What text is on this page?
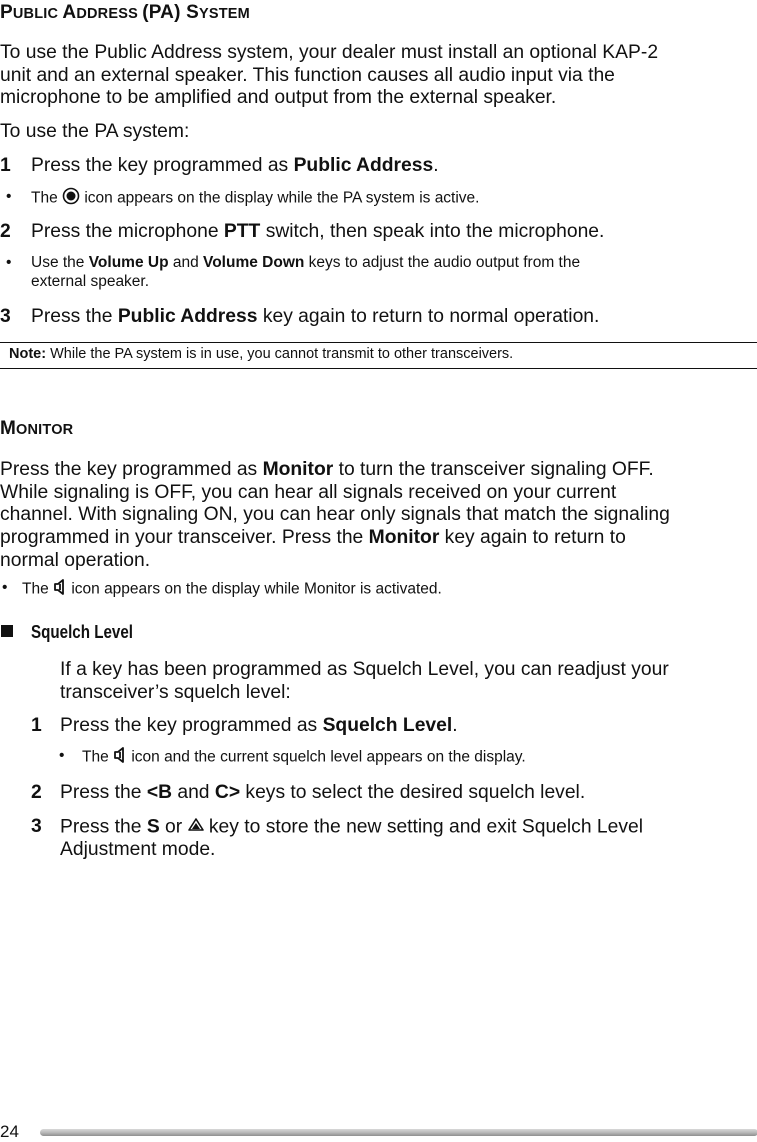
PUBLIC ADDRESS (PA) SYSTEM
To use the Public Address system, your dealer must install an optional KAP-2
unit and an external speaker. This function causes all audio input via the
microphone to be amplified and output from the external speaker.
To use the PA system:
1 Press the key programmed as Public Address.
• The  icon appears on the display while the PA system is active.
2 Press the microphone PTT switch, then speak into the microphone.
• Use the Volume Up and Volume Down keys to adjust the audio output from the
external speaker.
3 Press the Public Address key again to return to normal operation.
Note: While the PA system is in use, you cannot transmit to other transceivers.
MONITOR
Press the key programmed as Monitor to turn the transceiver signaling OFF.
While signaling is OFF, you can hear all signals received on your current
channel. With signaling ON, you can hear only signals that match the signaling
programmed in your transceiver. Press the Monitor key again to return to
normal operation.
• The  icon appears on the display while Monitor is activated.
Squelch Level
If a key has been programmed as Squelch Level, you can readjust your
transceiver’s squelch level:
1 Press the key programmed as Squelch Level.
• The  icon and the current squelch level appears on the display.
2 Press the <B and C> keys to select the desired squelch level.
3 Press the S or  key to store the new setting and exit Squelch Level
Adjustment mode.
24
